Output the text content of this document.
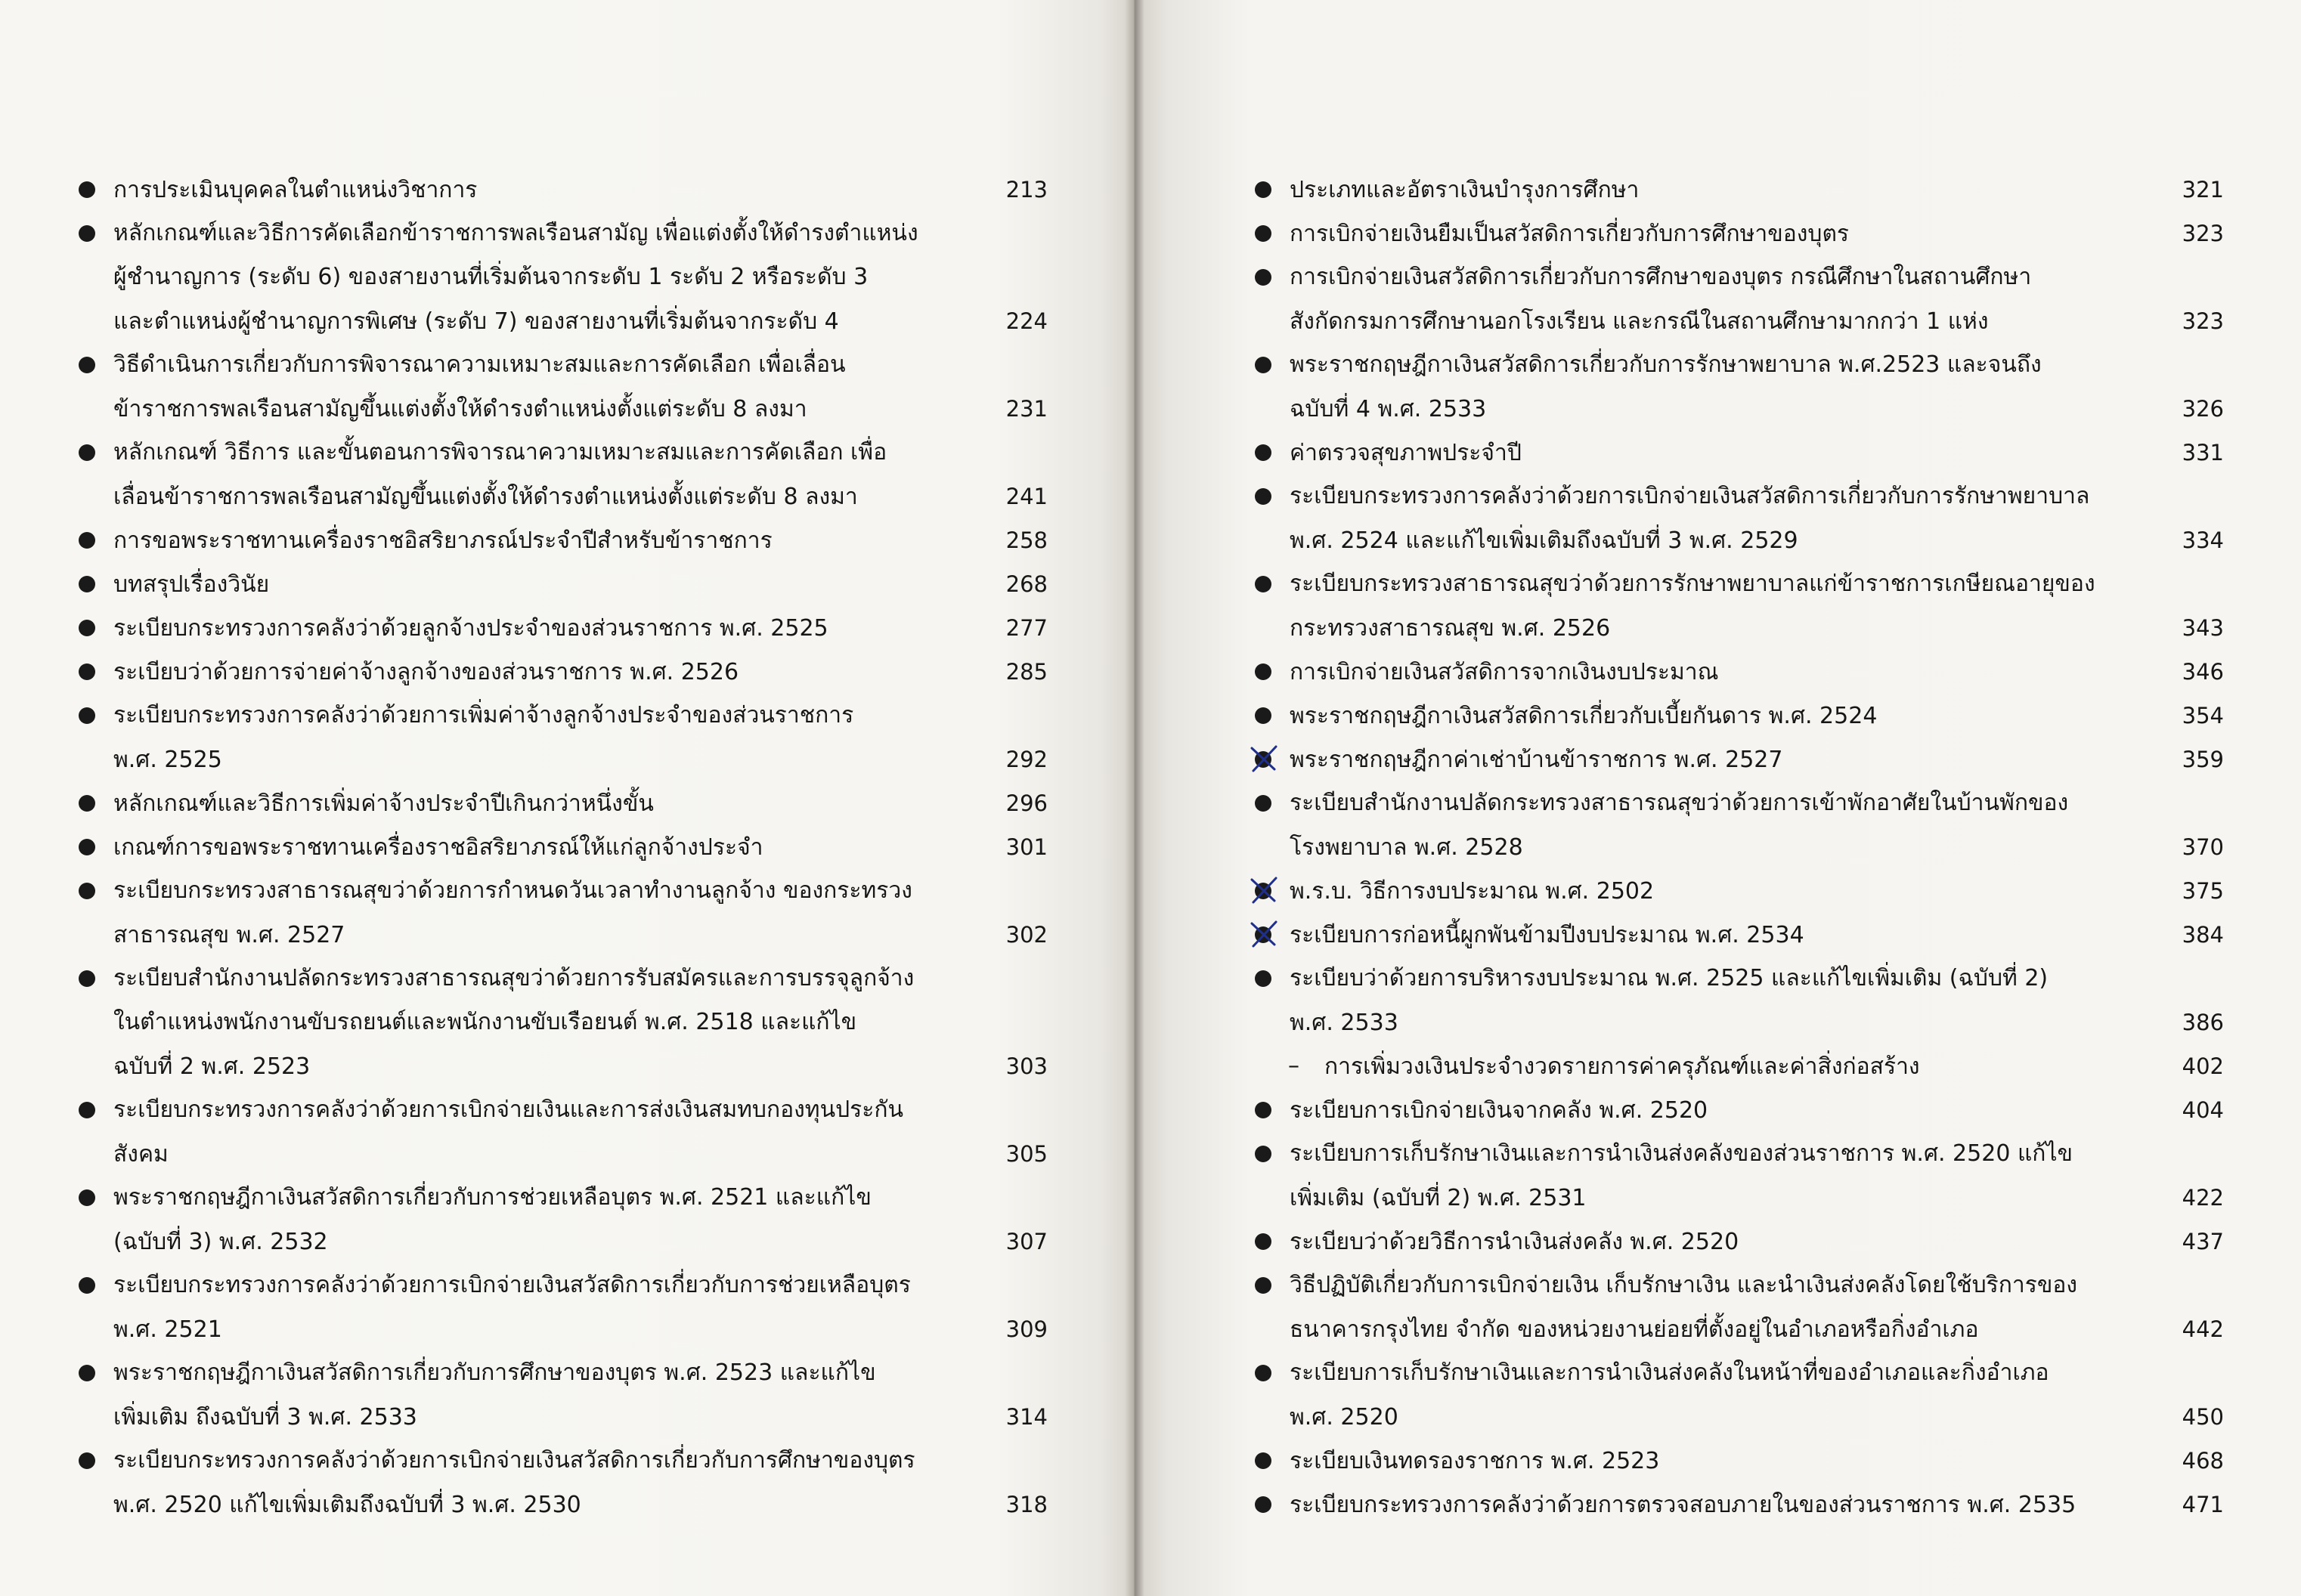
การประเมินบุคคลในตำแหน่งวิชาการ	213
หลักเกณฑ์และวิธีการคัดเลือกข้าราชการพลเรือนสามัญ เพื่อแต่งตั้งให้ดำรงตำแหน่ง
ผู้ชำนาญการ (ระดับ 6) ของสายงานที่เริ่มต้นจากระดับ 1 ระดับ 2 หรือระดับ 3
และตำแหน่งผู้ชำนาญการพิเศษ (ระดับ 7) ของสายงานที่เริ่มต้นจากระดับ 4	224
วิธีดำเนินการเกี่ยวกับการพิจารณาความเหมาะสมและการคัดเลือก เพื่อเลื่อน
ข้าราชการพลเรือนสามัญขึ้นแต่งตั้งให้ดำรงตำแหน่งตั้งแต่ระดับ 8 ลงมา	231
หลักเกณฑ์ วิธีการ และขั้นตอนการพิจารณาความเหมาะสมและการคัดเลือก เพื่อ
เลื่อนข้าราชการพลเรือนสามัญขึ้นแต่งตั้งให้ดำรงตำแหน่งตั้งแต่ระดับ 8 ลงมา	241
การขอพระราชทานเครื่องราชอิสริยาภรณ์ประจำปีสำหรับข้าราชการ	258
บทสรุปเรื่องวินัย	268
ระเบียบกระทรวงการคลังว่าด้วยลูกจ้างประจำของส่วนราชการ พ.ศ. 2525	277
ระเบียบว่าด้วยการจ่ายค่าจ้างลูกจ้างของส่วนราชการ พ.ศ. 2526	285
ระเบียบกระทรวงการคลังว่าด้วยการเพิ่มค่าจ้างลูกจ้างประจำของส่วนราชการ
พ.ศ. 2525	292
หลักเกณฑ์และวิธีการเพิ่มค่าจ้างประจำปีเกินกว่าหนึ่งขั้น	296
เกณฑ์การขอพระราชทานเครื่องราชอิสริยาภรณ์ให้แก่ลูกจ้างประจำ	301
ระเบียบกระทรวงสาธารณสุขว่าด้วยการกำหนดวันเวลาทำงานลูกจ้าง ของกระทรวง
สาธารณสุข พ.ศ. 2527	302
ระเบียบสำนักงานปลัดกระทรวงสาธารณสุขว่าด้วยการรับสมัครและการบรรจุลูกจ้าง
ในตำแหน่งพนักงานขับรถยนต์และพนักงานขับเรือยนต์ พ.ศ. 2518 และแก้ไข
ฉบับที่ 2 พ.ศ. 2523	303
ระเบียบกระทรวงการคลังว่าด้วยการเบิกจ่ายเงินและการส่งเงินสมทบกองทุนประกัน
สังคม	305
พระราชกฤษฎีกาเงินสวัสดิการเกี่ยวกับการช่วยเหลือบุตร พ.ศ. 2521 และแก้ไข
(ฉบับที่ 3) พ.ศ. 2532	307
ระเบียบกระทรวงการคลังว่าด้วยการเบิกจ่ายเงินสวัสดิการเกี่ยวกับการช่วยเหลือบุตร
พ.ศ. 2521	309
พระราชกฤษฎีกาเงินสวัสดิการเกี่ยวกับการศึกษาของบุตร พ.ศ. 2523 และแก้ไข
เพิ่มเติม ถึงฉบับที่ 3 พ.ศ. 2533	314
ระเบียบกระทรวงการคลังว่าด้วยการเบิกจ่ายเงินสวัสดิการเกี่ยวกับการศึกษาของบุตร
พ.ศ. 2520 แก้ไขเพิ่มเติมถึงฉบับที่ 3 พ.ศ. 2530	318
ประเภทและอัตราเงินบำรุงการศึกษา	321
การเบิกจ่ายเงินยืมเป็นสวัสดิการเกี่ยวกับการศึกษาของบุตร	323
การเบิกจ่ายเงินสวัสดิการเกี่ยวกับการศึกษาของบุตร กรณีศึกษาในสถานศึกษา
สังกัดกรมการศึกษานอกโรงเรียน และกรณีในสถานศึกษามากกว่า 1 แห่ง	323
พระราชกฤษฎีกาเงินสวัสดิการเกี่ยวกับการรักษาพยาบาล พ.ศ.2523 และจนถึง
ฉบับที่ 4 พ.ศ. 2533	326
ค่าตรวจสุขภาพประจำปี	331
ระเบียบกระทรวงการคลังว่าด้วยการเบิกจ่ายเงินสวัสดิการเกี่ยวกับการรักษาพยาบาล
พ.ศ. 2524 และแก้ไขเพิ่มเติมถึงฉบับที่ 3 พ.ศ. 2529	334
ระเบียบกระทรวงสาธารณสุขว่าด้วยการรักษาพยาบาลแก่ข้าราชการเกษียณอายุของ
กระทรวงสาธารณสุข พ.ศ. 2526	343
การเบิกจ่ายเงินสวัสดิการจากเงินงบประมาณ	346
พระราชกฤษฎีกาเงินสวัสดิการเกี่ยวกับเบี้ยกันดาร พ.ศ. 2524	354
พระราชกฤษฎีกาค่าเช่าบ้านข้าราชการ พ.ศ. 2527	359
ระเบียบสำนักงานปลัดกระทรวงสาธารณสุขว่าด้วยการเข้าพักอาศัยในบ้านพักของ
โรงพยาบาล พ.ศ. 2528	370
พ.ร.บ. วิธีการงบประมาณ พ.ศ. 2502	375
ระเบียบการก่อหนี้ผูกพันข้ามปีงบประมาณ พ.ศ. 2534	384
ระเบียบว่าด้วยการบริหารงบประมาณ พ.ศ. 2525 และแก้ไขเพิ่มเติม (ฉบับที่ 2)
พ.ศ. 2533	386
– การเพิ่มวงเงินประจำงวดรายการค่าครุภัณฑ์และค่าสิ่งก่อสร้าง	402
ระเบียบการเบิกจ่ายเงินจากคลัง พ.ศ. 2520	404
ระเบียบการเก็บรักษาเงินและการนำเงินส่งคลังของส่วนราชการ พ.ศ. 2520 แก้ไข
เพิ่มเติม (ฉบับที่ 2) พ.ศ. 2531	422
ระเบียบว่าด้วยวิธีการนำเงินส่งคลัง พ.ศ. 2520	437
วิธีปฏิบัติเกี่ยวกับการเบิกจ่ายเงิน เก็บรักษาเงิน และนำเงินส่งคลังโดยใช้บริการของ
ธนาคารกรุงไทย จำกัด ของหน่วยงานย่อยที่ตั้งอยู่ในอำเภอหรือกิ่งอำเภอ	442
ระเบียบการเก็บรักษาเงินและการนำเงินส่งคลังในหน้าที่ของอำเภอและกิ่งอำเภอ
พ.ศ. 2520	450
ระเบียบเงินทดรองราชการ พ.ศ. 2523	468
ระเบียบกระทรวงการคลังว่าด้วยการตรวจสอบภายในของส่วนราชการ พ.ศ. 2535	471
